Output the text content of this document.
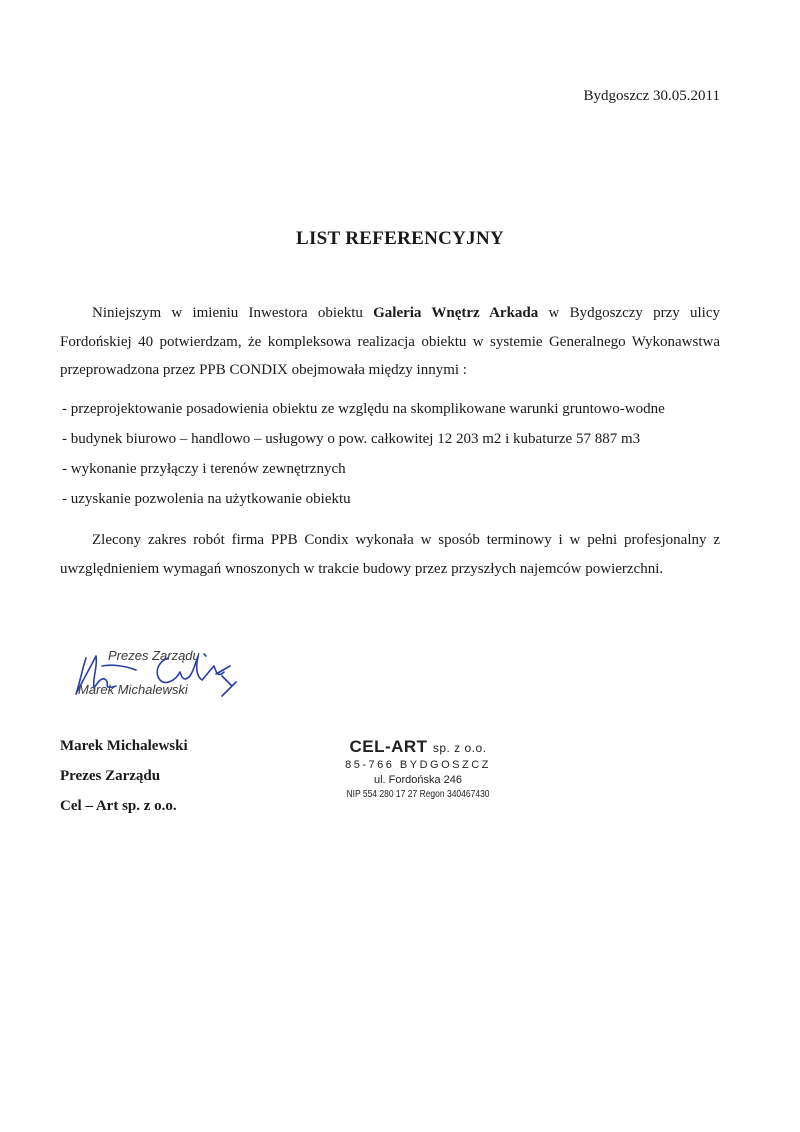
Bydgoszcz 30.05.2011
LIST REFERENCYJNY
Niniejszym w imieniu Inwestora obiektu Galeria Wnętrz Arkada w Bydgoszczy przy ulicy Fordońskiej 40 potwierdzam, że kompleksowa realizacja obiektu w systemie Generalnego Wykonawstwa przeprowadzona przez PPB CONDIX obejmowała między innymi :
- przeprojektowanie posadowienia obiektu ze względu na skomplikowane warunki gruntowo-wodne
- budynek biurowo – handlowo – usługowy o pow. całkowitej 12 203 m2 i kubaturze 57 887 m3
- wykonanie przyłączy i terenów zewnętrznych
- uzyskanie pozwolenia na użytkowanie obiektu
Zlecony zakres robót firma PPB Condix wykonała w sposób terminowy i w pełni profesjonalny z uwzględnieniem wymagań wnoszonych w trakcie budowy przez przyszłych najemców powierzchni.
Prezes Zarządu
Marek Michalewski
Marek Michalewski
Prezes Zarządu
Cel – Art sp. z o.o.
CEL-ART sp. z o.o.
85-766 BYDGOSZCZ
ul. Fordońska 246
NIP 554 280 17 27 Regon 340467430
